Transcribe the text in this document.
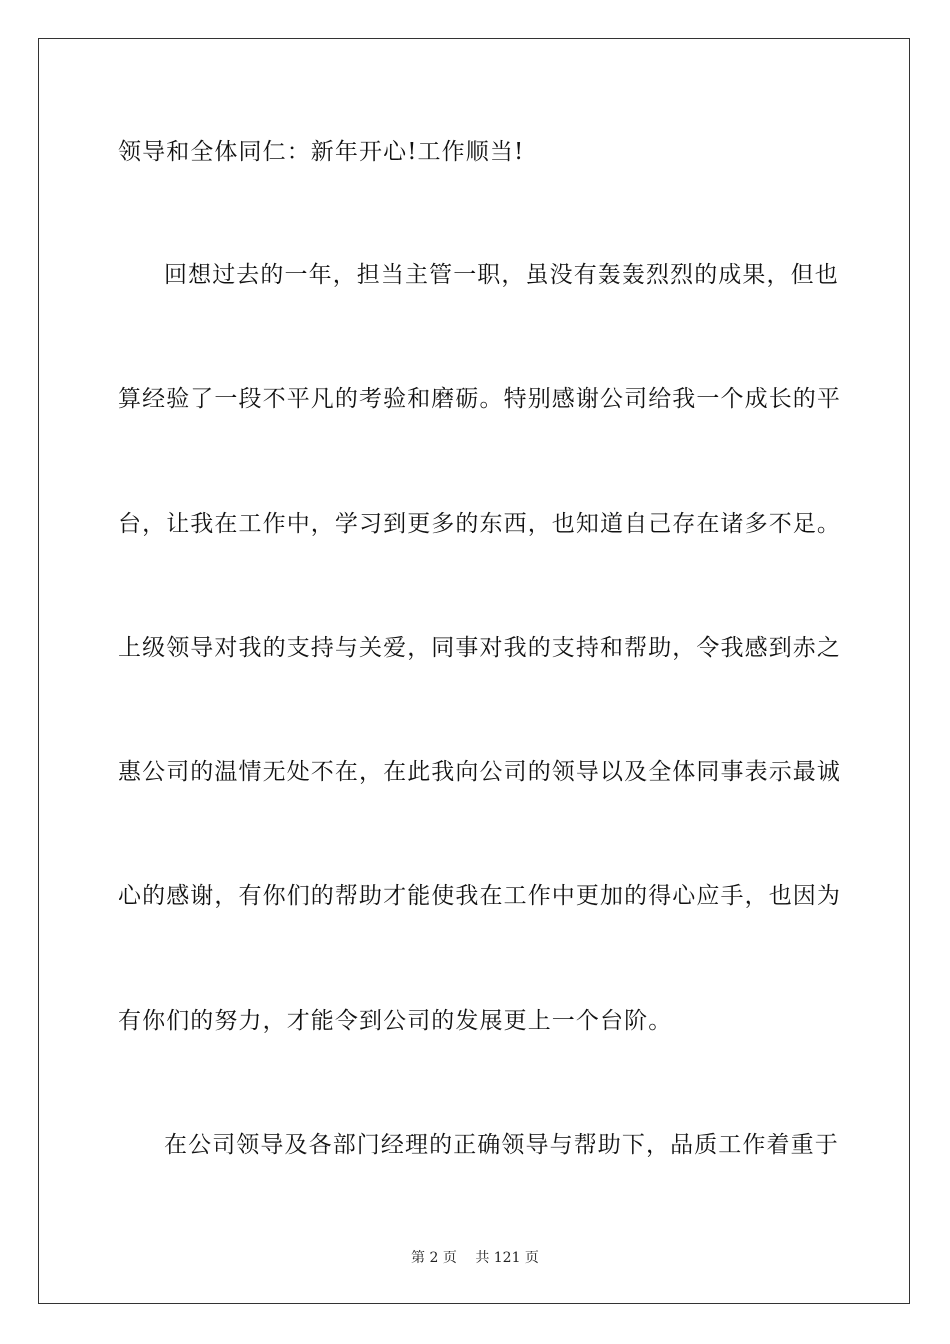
领导和全体同仁：新年开心!工作顺当!
回想过去的一年，担当主管一职，虽没有轰轰烈烈的成果，但也
算经验了一段不平凡的考验和磨砺。特别感谢公司给我一个成长的平
台，让我在工作中，学习到更多的东西，也知道自己存在诸多不足。
上级领导对我的支持与关爱，同事对我的支持和帮助，令我感到赤之
惠公司的温情无处不在，在此我向公司的领导以及全体同事表示最诚
心的感谢，有你们的帮助才能使我在工作中更加的得心应手，也因为
有你们的努力，才能令到公司的发展更上一个台阶。
在公司领导及各部门经理的正确领导与帮助下，品质工作着重于
第 2 页 共 121 页
